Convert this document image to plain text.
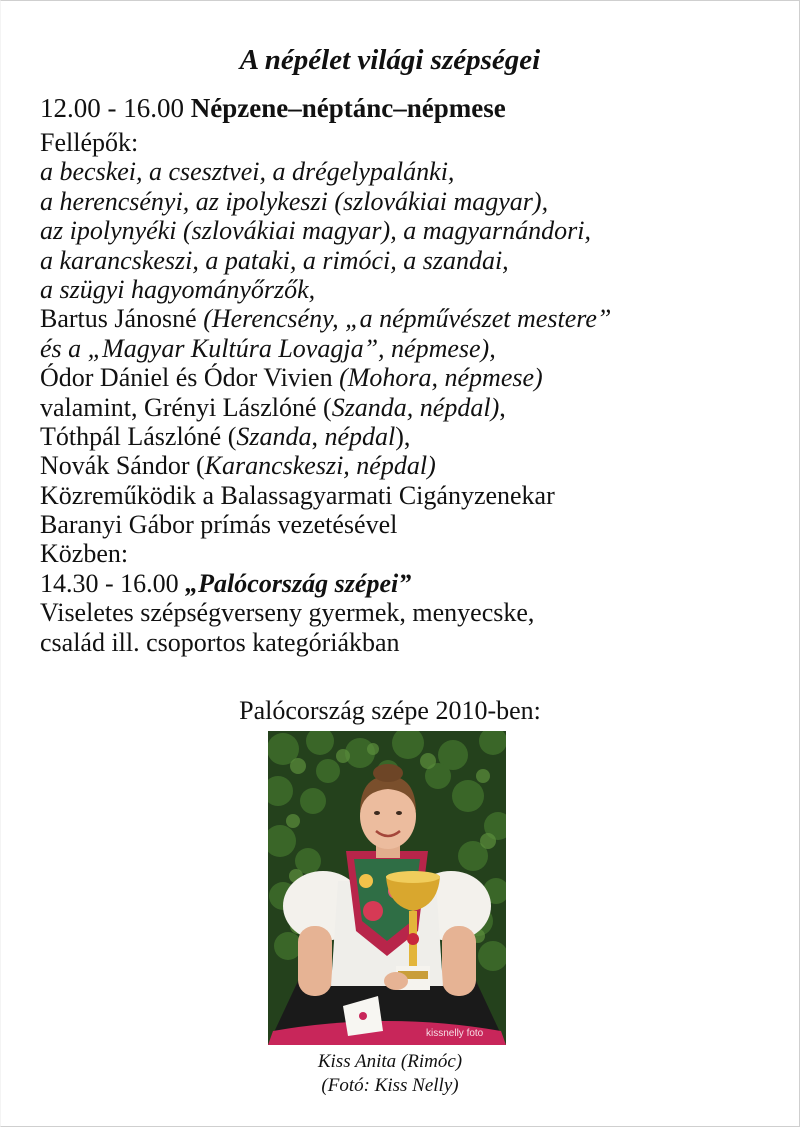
A népélet világi szépségei
12.00 - 16.00 Népzene–néptánc–népmese
Fellépők:
a becskei, a csesztvei, a drégelypalánki,
a herencsényi, az ipolykeszi (szlovákiai magyar),
az ipolynyéki (szlovákiai magyar), a magyarnándori,
a karancskeszi, a pataki, a rimóci, a szandai,
a szügyi hagyományőrzők,
Bartus Jánosné (Herencsény, „a népművészet mestere”
és a „Magyar Kultúra Lovagja”, népmese),
Ódor Dániel és Ódor Vivien (Mohora, népmese)
valamint, Grényi Lászlóné (Szanda, népdal),
Tóthpál Lászlóné (Szanda, népdal),
Novák Sándor (Karancskeszi, népdal)
Közreműködik a Balassagyarmati Cigányzenekar
Baranyi Gábor prímás vezetésével
Közben:
14.30 - 16.00 „Palócország szépei”
Viseletes szépségverseny gyermek, menyecske,
család ill. csoportos kategóriákban
Palócország szépe 2010-ben:
kissnelly foto
Kiss Anita (Rimóc)
(Fotó: Kiss Nelly)
